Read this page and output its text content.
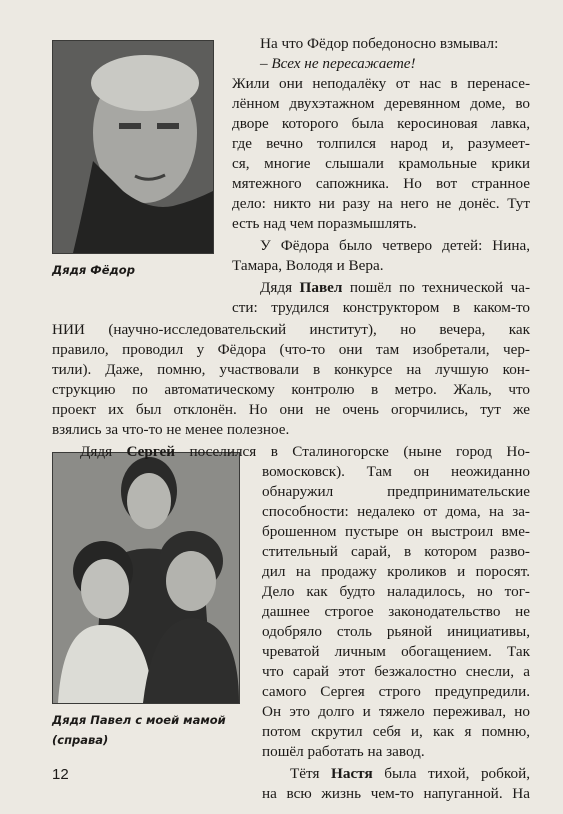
Дядя Фёдор
Дядя Павел с моей мамой
(справа)
На что Фёдор победоносно взмывал:
– Всех не пересажаете!
Жили они неподалёку от нас в перенасе-
лённом двухэтажном деревянном доме, во
дворе которого была керосиновая лавка,
где вечно толпился народ и, разумеет-
ся, многие слышали крамольные крики
мятежного сапожника. Но вот странное
дело: никто ни разу на него не донёс. Тут
есть над чем поразмышлять.
У Фёдора было четверо детей: Нина,
Тамара, Володя и Вера.
Дядя Павел пошёл по технической ча-
сти: трудился конструктором в каком-то
НИИ (научно-исследовательский институт), но вечера, как
правило, проводил у Фёдора (что-то они там изобретали, чер-
тили). Даже, помню, участвовали в конкурсе на лучшую кон-
струкцию по автоматическому контролю в метро. Жаль, что
проект их был отклонён. Но они не очень огорчились, тут же
взялись за что-то не менее полезное.
Дядя Сергей поселился в Сталиногорске (ныне город Но-
вомосковск). Там он неожиданно
обнаружил предпринимательские
способности: недалеко от дома, на за-
брошенном пустыре он выстроил вме-
стительный сарай, в котором разво-
дил на продажу кроликов и поросят.
Дело как будто наладилось, но тог-
дашнее строгое законодательство не
одобряло столь рьяной инициативы,
чреватой личным обогащением. Так
что сарай этот безжалостно снесли, а
самого Сергея строго предупредили.
Он это долго и тяжело переживал, но
потом скрутил себя и, как я помню,
пошёл работать на завод.
Тётя Настя была тихой, робкой,
на всю жизнь чем-то напуганной. На
12
